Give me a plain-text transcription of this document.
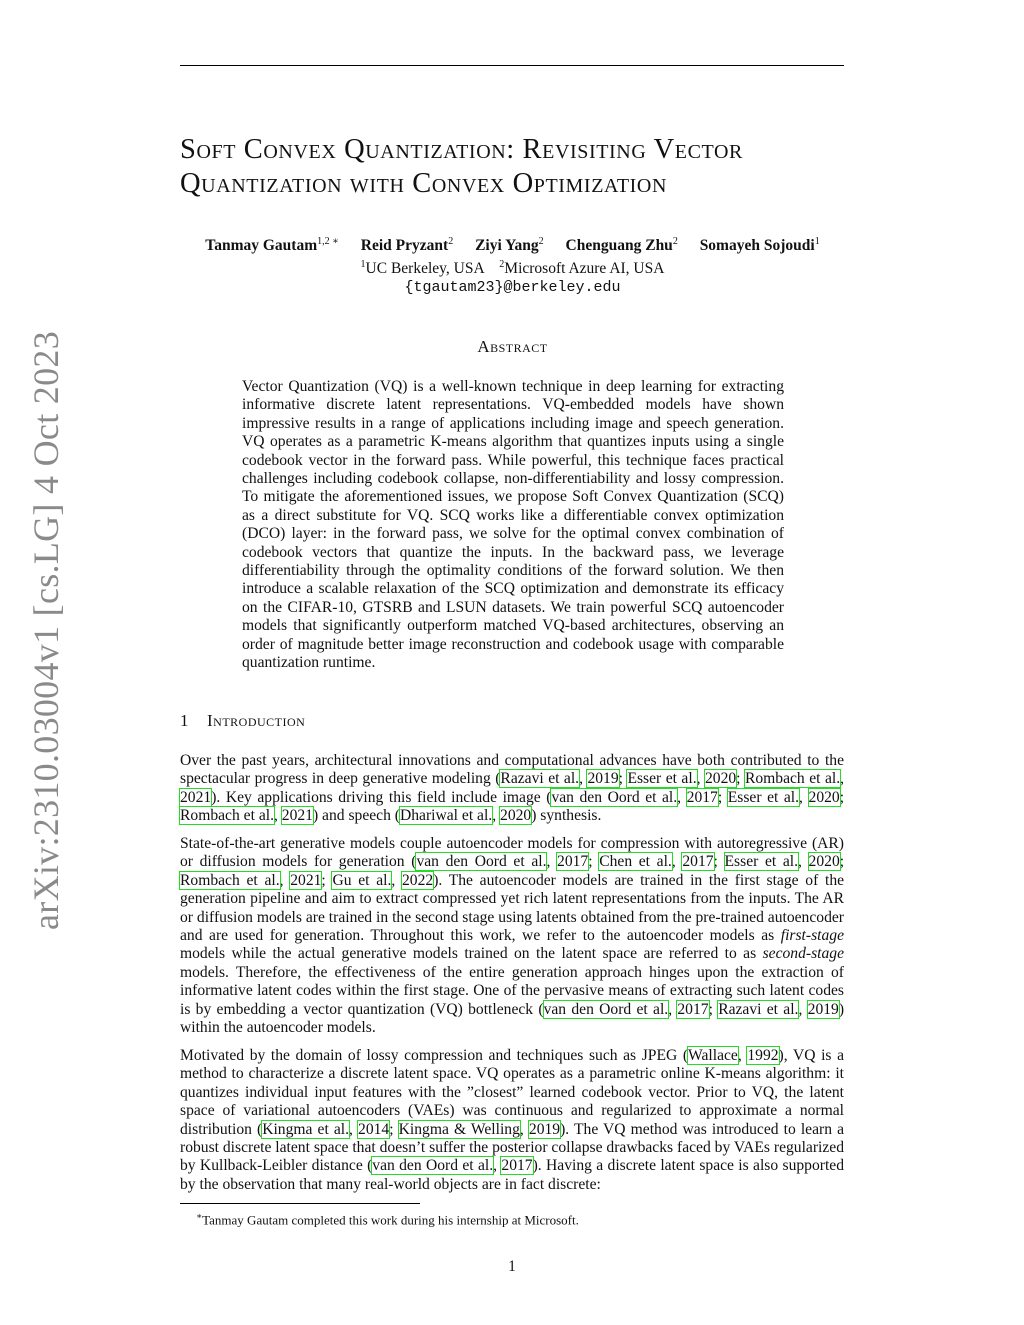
arXiv:2310.03004v1 [cs.LG] 4 Oct 2023
Soft Convex Quantization: Revisiting Vector
Quantization with Convex Optimization
Tanmay Gautam$^{1,2 ∗}$ Reid Pryzant$^2$ Ziyi Yang$^2$ Chenguang Zhu$^2$ Somayeh Sojoudi$^1$
$^1$UC Berkeley, USA $^2$Microsoft Azure AI, USA
{tgautam23}@berkeley.edu
Abstract
Vector Quantization (VQ) is a well-known technique in deep learning for extracting informative discrete latent representations. VQ-embedded models have shown impressive results in a range of applications including image and speech generation. VQ operates as a parametric K-means algorithm that quantizes inputs using a single codebook vector in the forward pass. While powerful, this technique faces practical challenges including codebook collapse, non-differentiability and lossy compression. To mitigate the aforementioned issues, we propose Soft Convex Quantization (SCQ) as a direct substitute for VQ. SCQ works like a differentiable convex optimization (DCO) layer: in the forward pass, we solve for the optimal convex combination of codebook vectors that quantize the inputs. In the backward pass, we leverage differentiability through the optimality conditions of the forward solution. We then introduce a scalable relaxation of the SCQ optimization and demonstrate its efficacy on the CIFAR-10, GTSRB and LSUN datasets. We train powerful SCQ autoencoder models that significantly outperform matched VQ-based architectures, observing an order of magnitude better image reconstruction and codebook usage with comparable quantization runtime.
1 Introduction
Over the past years, architectural innovations and computational advances have both contributed to the spectacular progress in deep generative modeling (Razavi et al., 2019; Esser et al., 2020; Rombach et al., 2021). Key applications driving this field include image (van den Oord et al., 2017; Esser et al., 2020; Rombach et al., 2021) and speech (Dhariwal et al., 2020) synthesis.
State-of-the-art generative models couple autoencoder models for compression with autoregressive (AR) or diffusion models for generation (van den Oord et al., 2017; Chen et al., 2017; Esser et al., 2020; Rombach et al., 2021; Gu et al., 2022). The autoencoder models are trained in the first stage of the generation pipeline and aim to extract compressed yet rich latent representations from the inputs. The AR or diffusion models are trained in the second stage using latents obtained from the pre-trained autoencoder and are used for generation. Throughout this work, we refer to the autoencoder models as first-stage models while the actual generative models trained on the latent space are referred to as second-stage models. Therefore, the effectiveness of the entire generation approach hinges upon the extraction of informative latent codes within the first stage. One of the pervasive means of extracting such latent codes is by embedding a vector quantization (VQ) bottleneck (van den Oord et al., 2017; Razavi et al., 2019) within the autoencoder models.
Motivated by the domain of lossy compression and techniques such as JPEG (Wallace, 1992), VQ is a method to characterize a discrete latent space. VQ operates as a parametric online K-means algorithm: it quantizes individual input features with the ”closest” learned codebook vector. Prior to VQ, the latent space of variational autoencoders (VAEs) was continuous and regularized to approximate a normal distribution (Kingma et al., 2014; Kingma & Welling, 2019). The VQ method was introduced to learn a robust discrete latent space that doesn’t suffer the posterior collapse drawbacks faced by VAEs regularized by Kullback-Leibler distance (van den Oord et al., 2017). Having a discrete latent space is also supported by the observation that many real-world objects are in fact discrete:
∗Tanmay Gautam completed this work during his internship at Microsoft.
1
